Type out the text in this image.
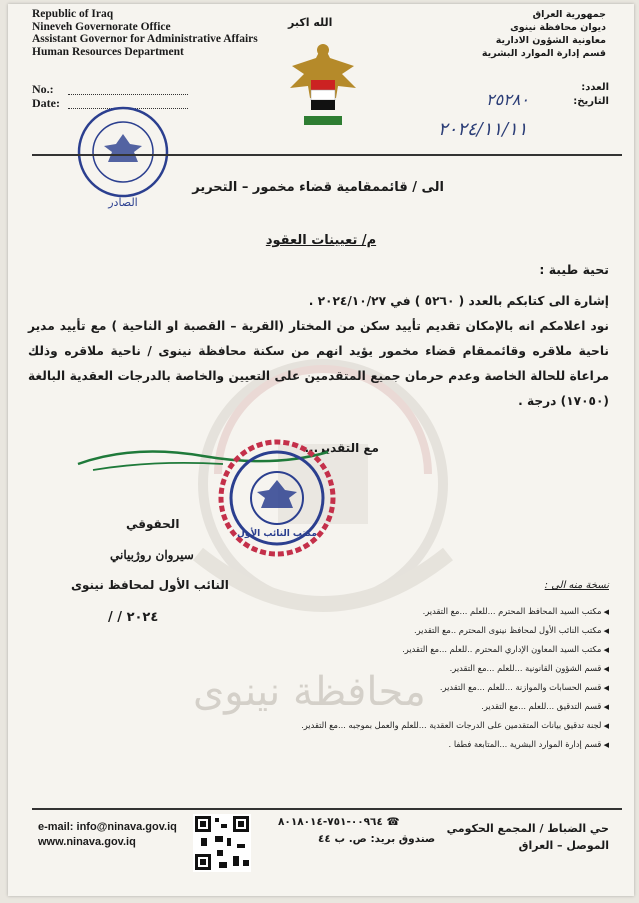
محافظة نينوى
Republic of Iraq
Nineveh Governorate Office
Assistant Governor for Administrative Affairs
Human Resources Department
جمهورية العراق
ديوان محافظة نينوى
معاونية الشؤون الادارية
قسم إدارة الموارد البشرية
الله اكبر
No.:
Date:
العدد:
التاريخ:
٢٥٢٨٠
٢٠٢٤/١١/١١
الصادر
الى / قائممقامية قضاء مخمور – التحرير
م/ تعيينات العقود
تحية طيبة :
إشارة الى كتابكم بالعدد ( ٥٢٦٠ ) في ٢٠٢٤/١٠/٢٧ .
نود اعلامكم انه بالإمكان تقديم تأييد سكن من المختار (القرية – القصبة او الناحية ) مع تأييد مدير ناحية ملاقره وقائممقام قضاء مخمور يؤيد انهم من سكنة محافظة نينوى / ناحية ملاقره وذلك مراعاة للحالة الخاصة وعدم حرمان جميع المتقدمين على التعيين والخاصة بالدرجات العقدية البالغة (١٧٠٥٠) درجة .
مع التقدير...
مكتب النائب الأول
الحقوقي
سيروان روژبياني
النائب الأول لمحافظ نينوى
/ / ٢٠٢٤
نسخة منه الى :
◀ مكتب السيد المحافظ المحترم ...للعلم ...مع التقدير.
◀ مكتب النائب الأول لمحافظ نينوى المحترم ..مع التقدير.
◀ مكتب السيد المعاون الإداري المحترم ..للعلم ...مع التقدير.
◀ قسم الشؤون القانونية ...للعلم ...مع التقدير.
◀ قسم الحسابات والموازنة ...للعلم ...مع التقدير.
◀ قسم التدقيق ...للعلم ...مع التقدير.
◀ لجنة تدقيق بيانات المتقدمين على الدرجات العقدية ...للعلم والعمل بموجبه ...مع التقدير.
◀ قسم إدارة الموارد البشرية ...المتابعة فطفا .
e-mail: info@ninava.gov.iq
www.ninava.gov.iq
☎ ٠٠٩٦٤-٧٥١-٨٠١٨٠١٤
صندوق بريد: ص. ب ٤٤
حي الضباط / المجمع الحكومي
الموصل – العراق
